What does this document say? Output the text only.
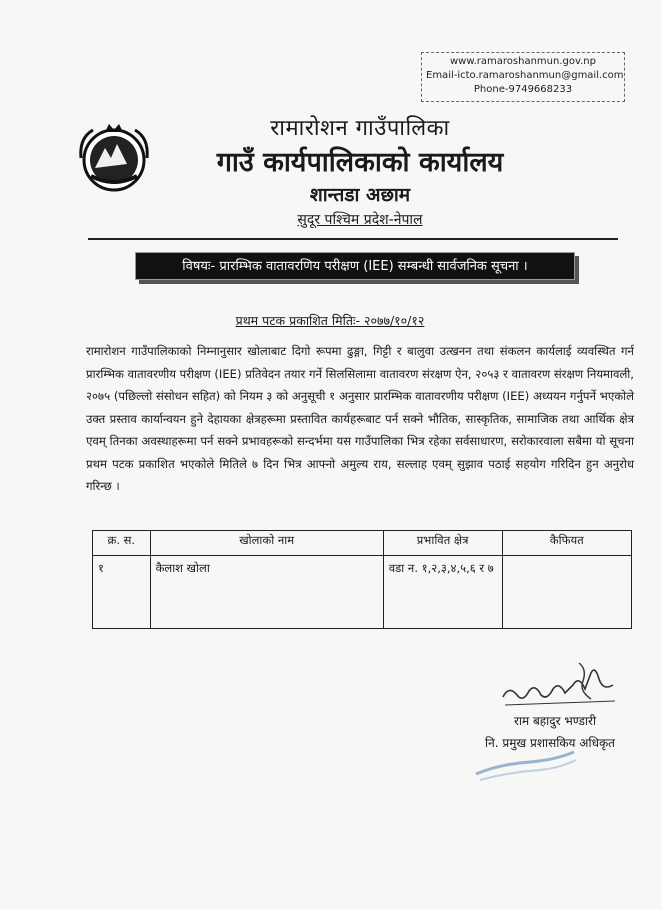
www.ramaroshanmun.gov.np
Email-icto.ramaroshanmun@gmail.com
Phone-9749668233
रामारोशन गाउँपालिका
गाउँ कार्यपालिकाको कार्यालय
शान्तडा अछाम
सुदूर पश्चिम प्रदेश-नेपाल
विषयः- प्रारम्भिक वातावरणिय परीक्षण (IEE) सम्बन्धी सार्वजनिक सूचना ।
प्रथम पटक प्रकाशित मितिः- २०७७/१०/१२
रामारोशन गाउँपालिकाको निम्नानुसार खोलाबाट दिगो रूपमा ढुङ्गा, गिट्टी र बालुवा उत्खनन तथा संकलन कार्यलाई व्यवस्थित गर्न प्रारम्भिक वातावरणीय परीक्षण (IEE) प्रतिवेदन तयार गर्ने सिलसिलामा वातावरण संरक्षण ऐन, २०५३ र वातावरण संरक्षण नियमावली, २०७५ (पछिल्लो संसोधन सहित) को नियम ३ को अनुसूची १ अनुसार प्रारम्भिक वातावरणीय परीक्षण (IEE) अध्ययन गर्नुपर्ने भएकोले उक्त प्रस्ताव कार्यान्वयन हुने देहायका क्षेत्रहरूमा प्रस्तावित कार्यहरूबाट पर्न सक्ने भौतिक, सास्कृतिक, सामाजिक तथा आर्थिक क्षेत्र एवम् तिनका अवस्थाहरूमा पर्न सक्ने प्रभावहरूको सन्दर्भमा यस गाउँपालिका भित्र रहेका सर्वसाधारण, सरोकारवाला सबैमा यो सूचना प्रथम पटक प्रकाशित भएकोले मितिले ७ दिन भित्र आफ्नो अमुल्य राय, सल्लाह एवम् सुझाव पठाई सहयोग गरिदिन हुन अनुरोध गरिन्छ ।
क्र. स.	खोलाको नाम	प्रभावित क्षेत्र	कैफियत
१	कैलाश खोला	वडा न. १,२,३,४,५,६ र ७	
राम बहादुर भण्डारी
नि. प्रमुख प्रशासकिय अधिकृत
